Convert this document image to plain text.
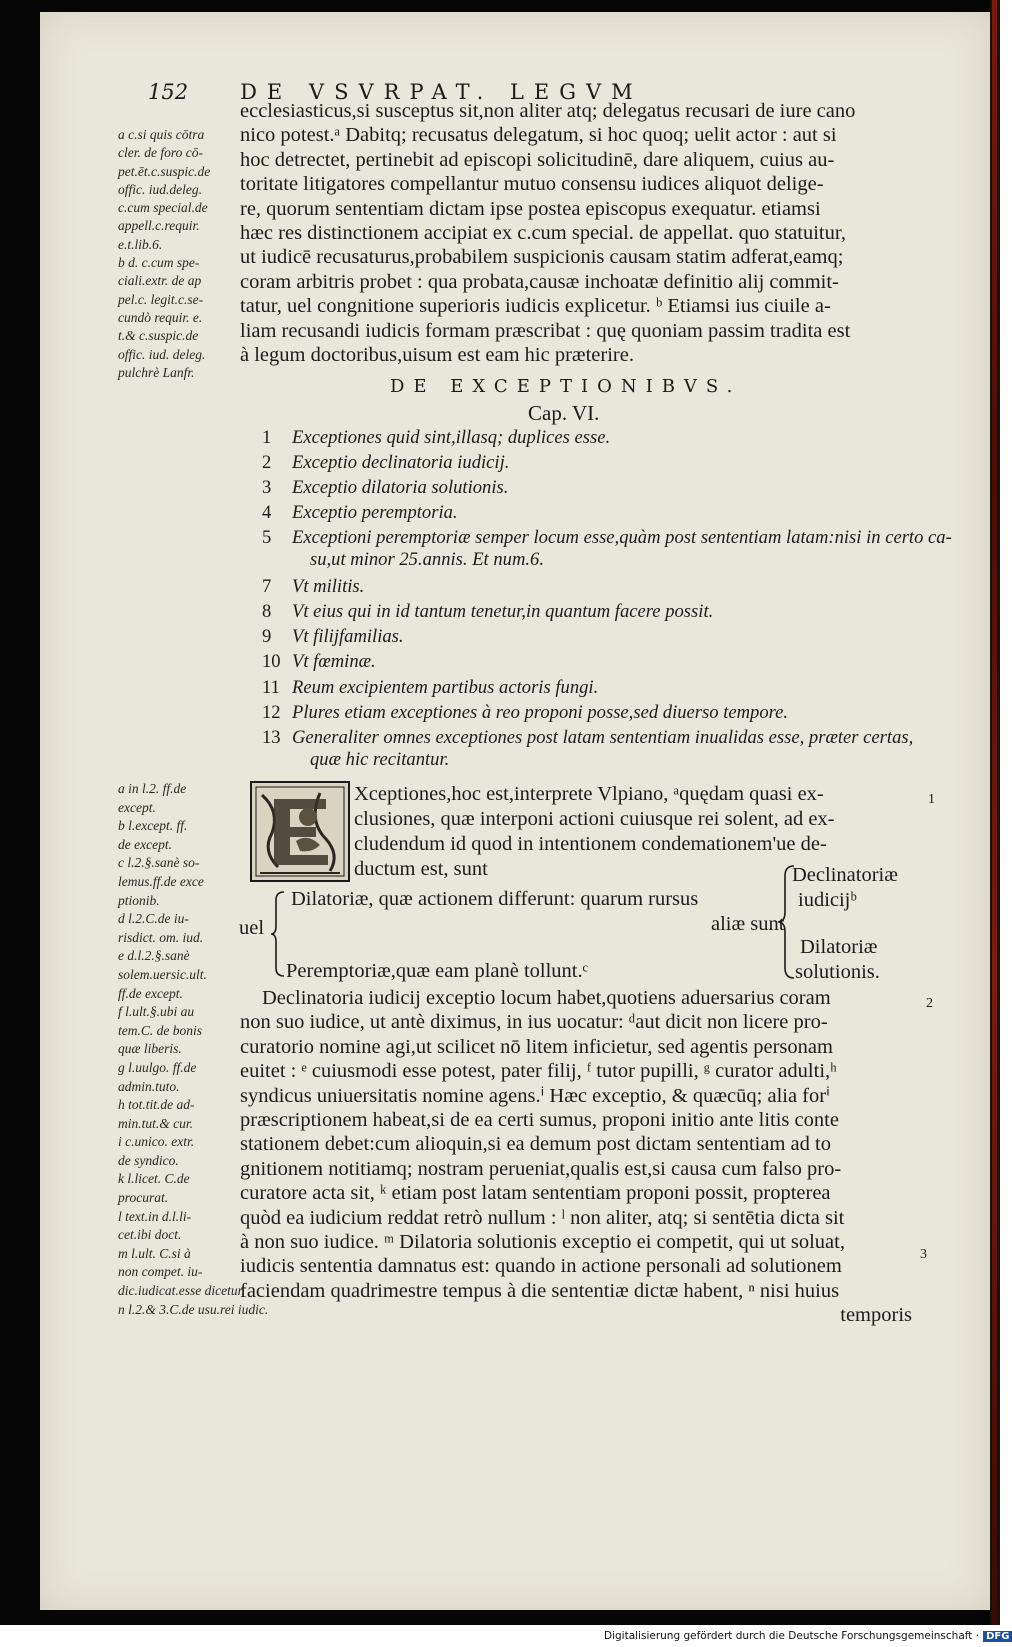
152 DE VSVRPAT. LEGVM
ecclesiasticus,si susceptus sit,non aliter atq; delegatus recusari de iure cano
nico potest.ᵃ Dabitq; recusatus delegatum, si hoc quoq; uelit actor : aut si
hoc detrectet, pertinebit ad episcopi solicitudinē, dare aliquem, cuius au-
toritate litigatores compellantur mutuo consensu iudices aliquot delige-
re, quorum sententiam dictam ipse postea episcopus exequatur. etiamsi
hæc res distinctionem accipiat ex c.cum special. de appellat. quo statuitur,
ut iudicē recusaturus,probabilem suspicionis causam statim adferat,eamq;
coram arbitris probet : qua probata,causæ inchoatæ definitio alij commit-
tatur, uel congnitione superioris iudicis explicetur. ᵇ Etiamsi ius ciuile a-
liam recusandi iudicis formam præscribat : quę quoniam passim tradita est
à legum doctoribus,uisum est eam hic præterire.
a c.si quis cōtra
cler. de foro cō-
pet.ēt.c.suspic.de
offic. iud.deleg.
c.cum special.de
appell.c.requir.
e.t.lib.6.
b d. c.cum spe-
ciali.extr. de ap
pel.c. legit.c.se-
cundò requir. e.
t.& c.suspic.de
offic. iud. deleg.
pulchrè Lanfr.
DE EXCEPTIONIBVS.
Cap. VI.
1	Exceptiones quid sint,illasq; duplices esse.
2	Exceptio declinatoria iudicij.
3	Exceptio dilatoria solutionis.
4	Exceptio peremptoria.
5	Exceptioni peremptoriæ semper locum esse,quàm post sententiam latam:nisi in certo ca-
su,ut minor 25.annis. Et num.6.
7	Vt militis.
8	Vt eius qui in id tantum tenetur,in quantum facere possit.
9	Vt filijfamilias.
10 Vt fœminæ.
11 Reum excipientem partibus actoris fungi.
12 Plures etiam exceptiones à reo proponi posse,sed diuerso tempore.
13 Generaliter omnes exceptiones post latam sententiam inualidas esse, præter certas,
quæ hic recitantur.
Xceptiones,hoc est,interprete Vlpiano, ᵃquędam quasi ex-
clusiones, quæ interponi actioni cuiusque rei solent, ad ex-
cludendum id quod in intentionem condemationem'ue de-
ductum est, sunt
uel
Dilatoriæ, quæ actionem differunt: quarum rursus
aliæ sunt
Peremptoriæ,quæ eam planè tollunt.ᶜ
Declinatoriæ
iudicijᵇ
Dilatoriæ
solutionis.
Declinatoria iudicij exceptio locum habet,quotiens aduersarius coram
non suo iudice, ut antè diximus, in ius uocatur: ᵈaut dicit non licere pro-
curatorio nomine agi,ut scilicet nō litem inficietur, sed agentis personam
euitet : ᵉ cuiusmodi esse potest, pater filij, ᶠ tutor pupilli, ᵍ curator adulti,ʰ
syndicus uniuersitatis nomine agens.ⁱ Hæc exceptio, & quæcūq; alia forⁱ
præscriptionem habeat,si de ea certi sumus, proponi initio ante litis conte
stationem debet:cum alioquin,si ea demum post dictam sententiam ad to
gnitionem notitiamq; nostram perueniat,qualis est,si causa cum falso pro-
curatore acta sit, ᵏ etiam post latam sententiam proponi possit, propterea
quòd ea iudicium reddat retrò nullum : ˡ non aliter, atq; si sentētia dicta sit
à non suo iudice. ᵐ Dilatoria solutionis exceptio ei competit, qui ut soluat,
iudicis sententia damnatus est: quando in actione personali ad solutionem
faciendam quadrimestre tempus à die sententiæ dictæ habent, ⁿ nisi huius
temporis
a in l.2. ff.de
except.
b l.except. ff.
de except.
c l.2.§.sanè so-
lemus.ff.de exce
ptionib.
d l.2.C.de iu-
risdict. om. iud.
e d.l.2.§.sanè
solem.uersic.ult.
ff.de except.
f l.ult.§.ubi au
tem.C. de bonis
quæ liberis.
g l.uulgo. ff.de
admin.tuto.
h tot.tit.de ad-
min.tut.& cur.
i c.unico. extr.
de syndico.
k l.licet. C.de
procurat.
l text.in d.l.li-
cet.ibi doct.
m l.ult. C.si à
non compet. iu-
dic.iudicat.esse dicetur.
n l.2.& 3.C.de usu.rei iudic.
1
2
3
Digitalisierung gefördert durch die Deutsche Forschungsgemeinschaft · DFG
